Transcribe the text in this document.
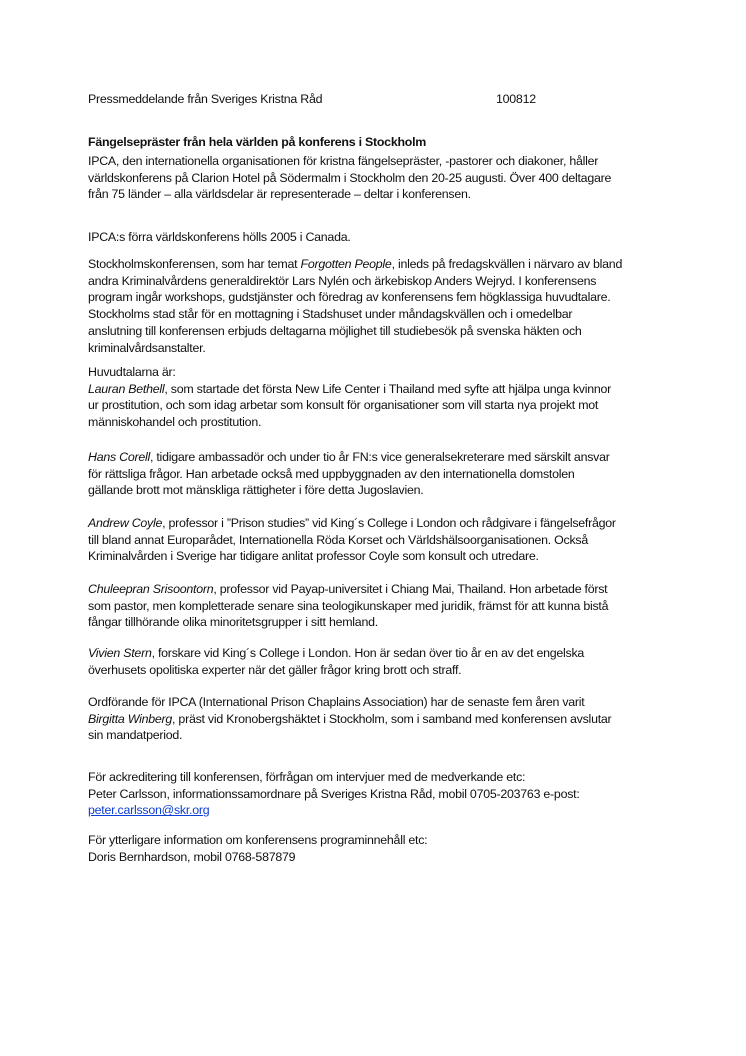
Pressmeddelande från Sveriges Kristna Råd	100812
Fängelsepräster från hela världen på konferens i Stockholm
IPCA, den internationella organisationen för kristna fängelsepräster, -pastorer och diakoner, håller
världskonferens på Clarion Hotel på Södermalm i Stockholm den 20-25 augusti. Över 400 deltagare
från 75 länder – alla världsdelar är representerade – deltar i konferensen.
IPCA:s förra världskonferens hölls 2005 i Canada.
Stockholmskonferensen, som har temat Forgotten People, inleds på fredagskvällen i närvaro av bland
andra Kriminalvårdens generaldirektör Lars Nylén och ärkebiskop Anders Wejryd. I konferensens
program ingår workshops, gudstjänster och föredrag av konferensens fem högklassiga huvudtalare.
Stockholms stad står för en mottagning i Stadshuset under måndagskvällen och i omedelbar
anslutning till konferensen erbjuds deltagarna möjlighet till studiebesök på svenska häkten och
kriminalvårdsanstalter.
Huvudtalarna är:
Lauran Bethell, som startade det första New Life Center i Thailand med syfte att hjälpa unga kvinnor
ur prostitution, och som idag arbetar som konsult för organisationer som vill starta nya projekt mot
människohandel och prostitution.
Hans Corell, tidigare ambassadör och under tio år FN:s vice generalsekreterare med särskilt ansvar
för rättsliga frågor. Han arbetade också med uppbyggnaden av den internationella domstolen
gällande brott mot mänskliga rättigheter i före detta Jugoslavien.
Andrew Coyle, professor i ”Prison studies” vid King´s College i London och rådgivare i fängelsefrågor
till bland annat Europarådet, Internationella Röda Korset och Världshälsoorganisationen. Också
Kriminalvården i Sverige har tidigare anlitat professor Coyle som konsult och utredare.
Chuleepran Srisoontorn, professor vid Payap-universitet i Chiang Mai, Thailand. Hon arbetade först
som pastor, men kompletterade senare sina teologikunskaper med juridik, främst för att kunna bistå
fångar tillhörande olika minoritetsgrupper i sitt hemland.
Vivien Stern, forskare vid King´s College i London. Hon är sedan över tio år en av det engelska
överhusets opolitiska experter när det gäller frågor kring brott och straff.
Ordförande för IPCA (International Prison Chaplains Association) har de senaste fem åren varit
Birgitta Winberg, präst vid Kronobergshäktet i Stockholm, som i samband med konferensen avslutar
sin mandatperiod.
För ackreditering till konferensen, förfrågan om intervjuer med de medverkande etc:
Peter Carlsson, informationssamordnare på Sveriges Kristna Råd, mobil 0705-203763 e-post:
peter.carlsson@skr.org
För ytterligare information om konferensens programinnehåll etc:
Doris Bernhardson, mobil 0768-587879
